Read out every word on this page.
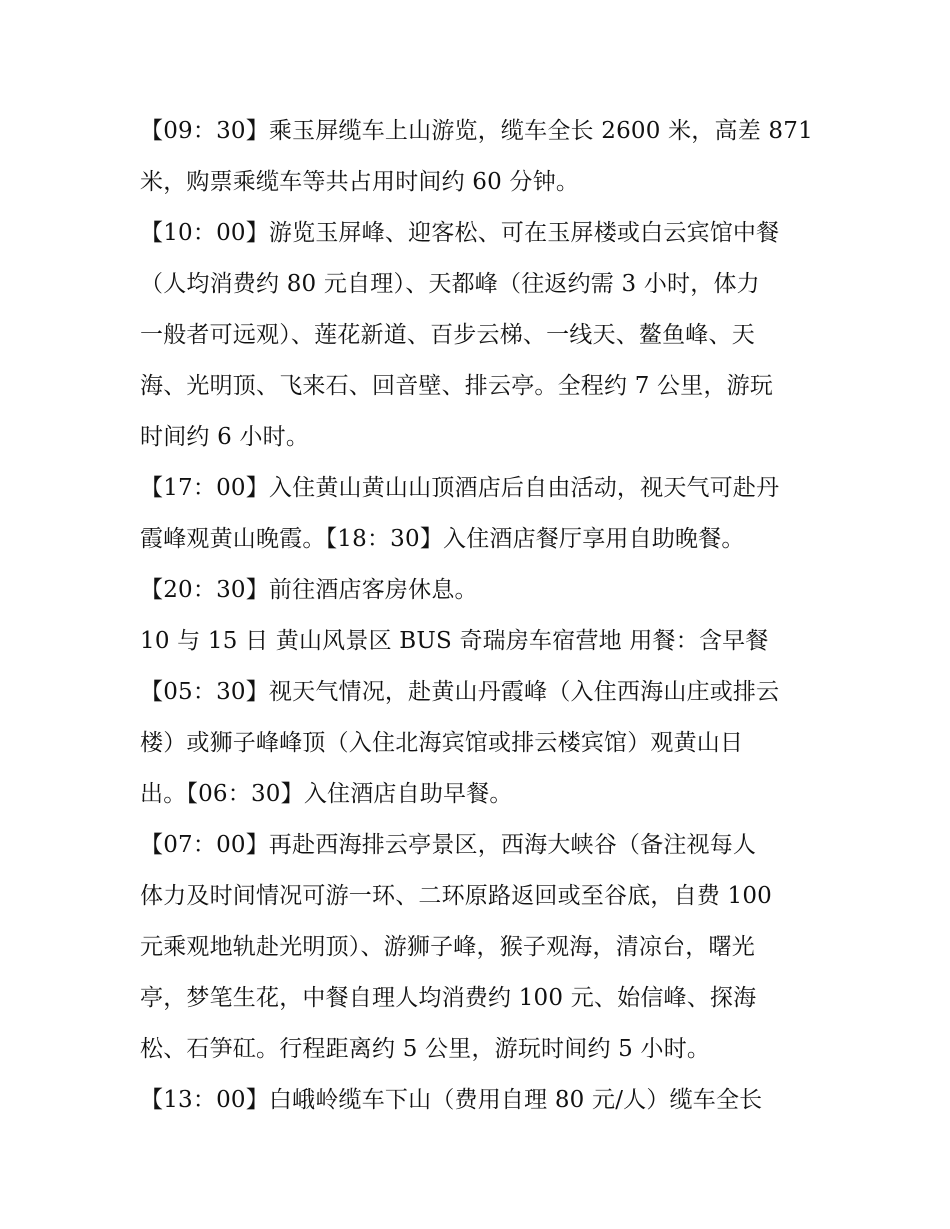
【09：30】乘玉屏缆车上山游览，缆车全长 2600 米，高差 871
米，购票乘缆车等共占用时间约 60 分钟。
【10：00】游览玉屏峰、迎客松、可在玉屏楼或白云宾馆中餐
（人均消费约 80 元自理）、天都峰（往返约需 3 小时，体力
一般者可远观）、莲花新道、百步云梯、一线天、鳌鱼峰、天
海、光明顶、飞来石、回音壁、排云亭。全程约 7 公里，游玩
时间约 6 小时。
【17：00】入住黄山黄山山顶酒店后自由活动，视天气可赴丹
霞峰观黄山晚霞。【18：30】入住酒店餐厅享用自助晚餐。
【20：30】前往酒店客房休息。
10 与 15 日 黄山风景区 BUS 奇瑞房车宿营地 用餐：含早餐
【05：30】视天气情况，赴黄山丹霞峰（入住西海山庄或排云
楼）或狮子峰峰顶（入住北海宾馆或排云楼宾馆）观黄山日
出。【06：30】入住酒店自助早餐。
【07：00】再赴西海排云亭景区，西海大峡谷（备注视每人
体力及时间情况可游一环、二环原路返回或至谷底，自费 100
元乘观地轨赴光明顶）、游狮子峰，猴子观海，清凉台，曙光
亭，梦笔生花，中餐自理人均消费约 100 元、始信峰、探海
松、石笋矼。行程距离约 5 公里，游玩时间约 5 小时。
【13：00】白峨岭缆车下山（费用自理 80 元/人）缆车全长
